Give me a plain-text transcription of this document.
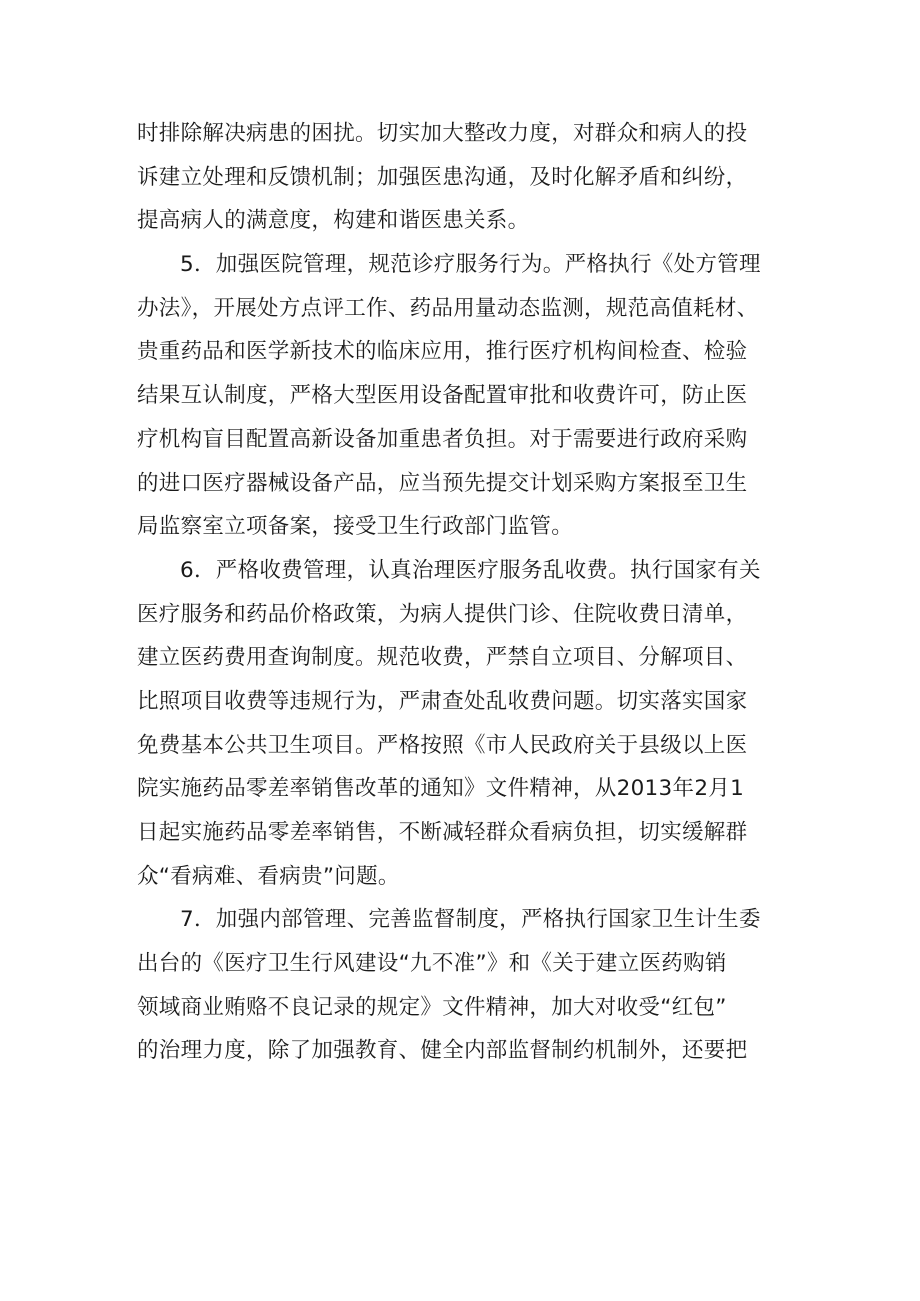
时排除解决病患的困扰。切实加大整改力度，对群众和病人的投
诉建立处理和反馈机制；加强医患沟通，及时化解矛盾和纠纷，
提高病人的满意度，构建和谐医患关系。
5．加强医院管理，规范诊疗服务行为。严格执行《处方管理
办法》，开展处方点评工作、药品用量动态监测，规范高值耗材、
贵重药品和医学新技术的临床应用，推行医疗机构间检查、检验
结果互认制度，严格大型医用设备配置审批和收费许可，防止医
疗机构盲目配置高新设备加重患者负担。对于需要进行政府采购
的进口医疗器械设备产品，应当预先提交计划采购方案报至卫生
局监察室立项备案，接受卫生行政部门监管。
6．严格收费管理，认真治理医疗服务乱收费。执行国家有关
医疗服务和药品价格政策，为病人提供门诊、住院收费日清单，
建立医药费用查询制度。规范收费，严禁自立项目、分解项目、
比照项目收费等违规行为，严肃查处乱收费问题。切实落实国家
免费基本公共卫生项目。严格按照《市人民政府关于县级以上医
院实施药品零差率销售改革的通知》文件精神，从2013年2月1
日起实施药品零差率销售，不断减轻群众看病负担，切实缓解群
众“看病难、看病贵”问题。
7．加强内部管理、完善监督制度，严格执行国家卫生计生委
出台的《医疗卫生行风建设“九不准”》和《关于建立医药购销
领域商业贿赂不良记录的规定》文件精神，加大对收受“红包”
的治理力度，除了加强教育、健全内部监督制约机制外，还要把
